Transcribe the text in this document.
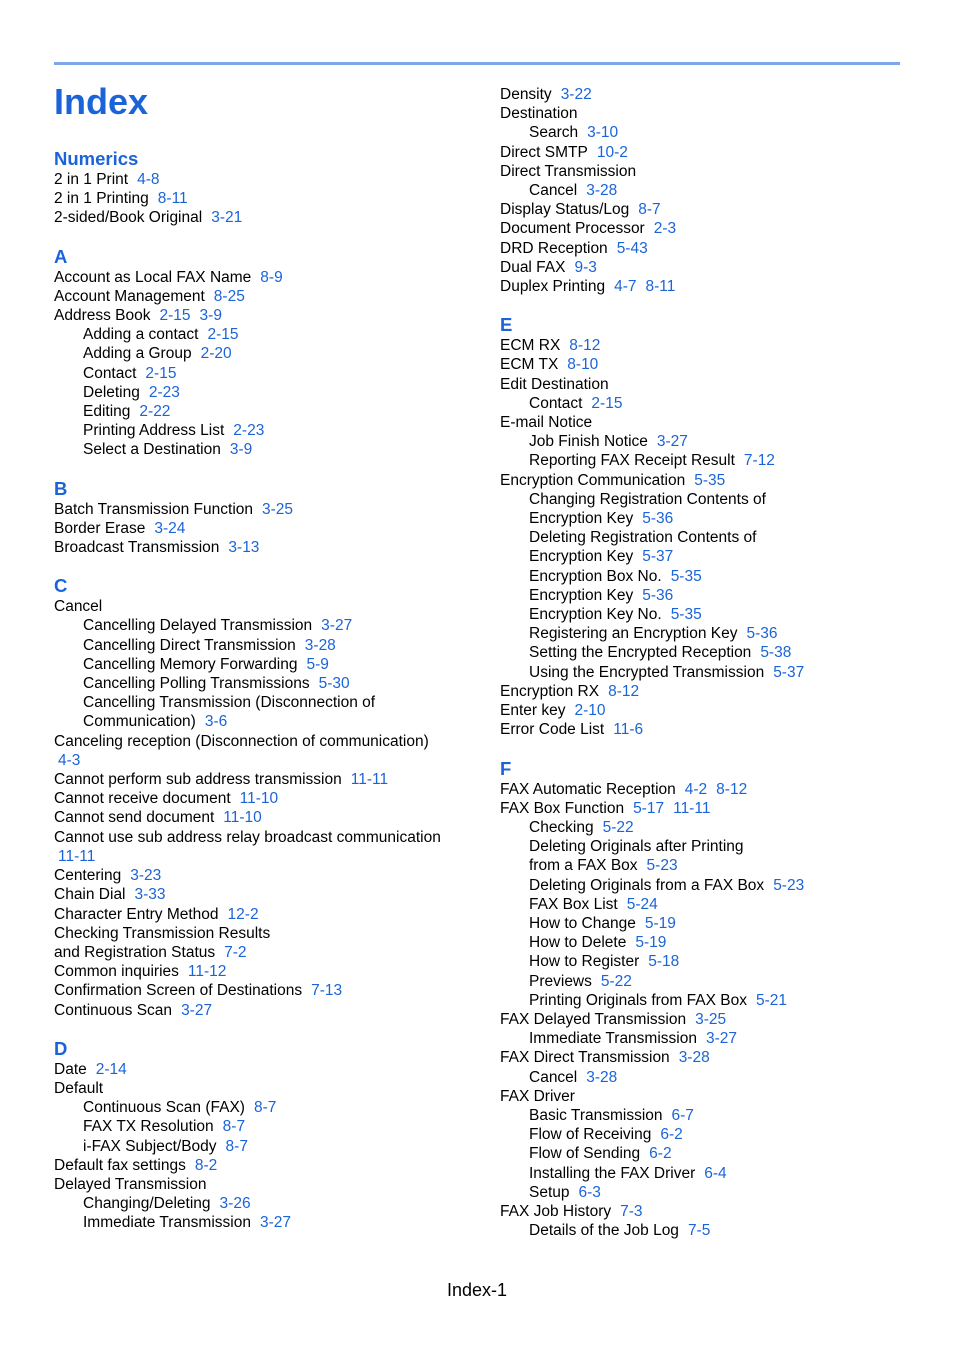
Index
Numerics
2 in 1 Print 4-8
2 in 1 Printing 8-11
2-sided/Book Original 3-21
A
Account as Local FAX Name 8-9
Account Management 8-25
Address Book 2-15 3-9
Adding a contact 2-15
Adding a Group 2-20
Contact 2-15
Deleting 2-23
Editing 2-22
Printing Address List 2-23
Select a Destination 3-9
B
Batch Transmission Function 3-25
Border Erase 3-24
Broadcast Transmission 3-13
C
Cancel
Cancelling Delayed Transmission 3-27
Cancelling Direct Transmission 3-28
Cancelling Memory Forwarding 5-9
Cancelling Polling Transmissions 5-30
Cancelling Transmission (Disconnection of
Communication) 3-6
Canceling reception (Disconnection of communication)
4-3
Cannot perform sub address transmission 11-11
Cannot receive document 11-10
Cannot send document 11-10
Cannot use sub address relay broadcast communication
11-11
Centering 3-23
Chain Dial 3-33
Character Entry Method 12-2
Checking Transmission Results
and Registration Status 7-2
Common inquiries 11-12
Confirmation Screen of Destinations 7-13
Continuous Scan 3-27
D
Date 2-14
Default
Continuous Scan (FAX) 8-7
FAX TX Resolution 8-7
i-FAX Subject/Body 8-7
Default fax settings 8-2
Delayed Transmission
Changing/Deleting 3-26
Immediate Transmission 3-27
Density 3-22
Destination
Search 3-10
Direct SMTP 10-2
Direct Transmission
Cancel 3-28
Display Status/Log 8-7
Document Processor 2-3
DRD Reception 5-43
Dual FAX 9-3
Duplex Printing 4-7 8-11
E
ECM RX 8-12
ECM TX 8-10
Edit Destination
Contact 2-15
E-mail Notice
Job Finish Notice 3-27
Reporting FAX Receipt Result 7-12
Encryption Communication 5-35
Changing Registration Contents of
Encryption Key 5-36
Deleting Registration Contents of
Encryption Key 5-37
Encryption Box No. 5-35
Encryption Key 5-36
Encryption Key No. 5-35
Registering an Encryption Key 5-36
Setting the Encrypted Reception 5-38
Using the Encrypted Transmission 5-37
Encryption RX 8-12
Enter key 2-10
Error Code List 11-6
F
FAX Automatic Reception 4-2 8-12
FAX Box Function 5-17 11-11
Checking 5-22
Deleting Originals after Printing
from a FAX Box 5-23
Deleting Originals from a FAX Box 5-23
FAX Box List 5-24
How to Change 5-19
How to Delete 5-19
How to Register 5-18
Previews 5-22
Printing Originals from FAX Box 5-21
FAX Delayed Transmission 3-25
Immediate Transmission 3-27
FAX Direct Transmission 3-28
Cancel 3-28
FAX Driver
Basic Transmission 6-7
Flow of Receiving 6-2
Flow of Sending 6-2
Installing the FAX Driver 6-4
Setup 6-3
FAX Job History 7-3
Details of the Job Log 7-5
Index-1
